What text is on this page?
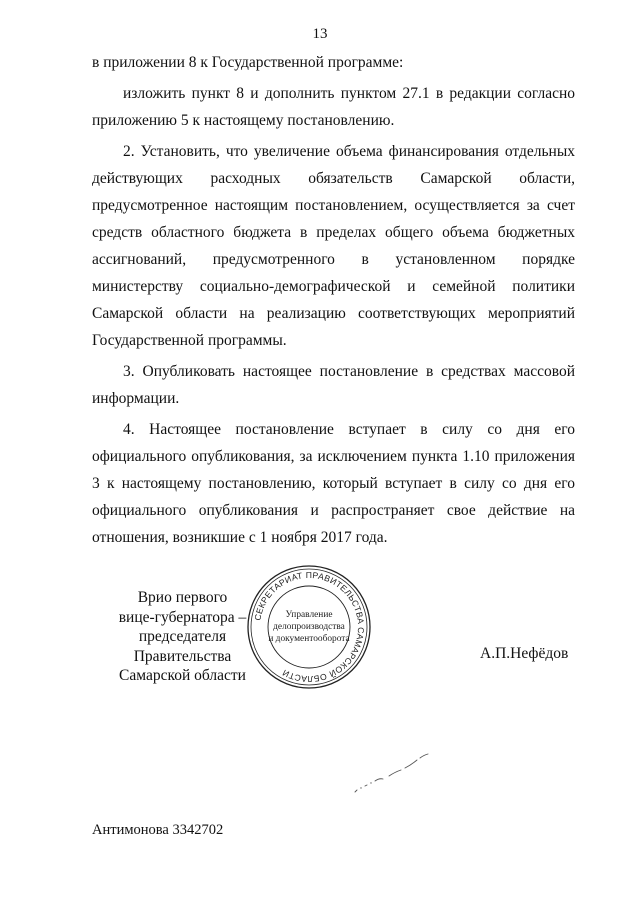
13

в приложении 8 к Государственной программе:

изложить пункт 8 и дополнить пунктом 27.1 в редакции согласно приложению 5 к настоящему постановлению.

2. Установить, что увеличение объема финансирования отдельных действующих расходных обязательств Самарской области, предусмотренное настоящим постановлением, осуществляется за счет средств областного бюджета в пределах общего объема бюджетных ассигнований, предусмотренного в установленном порядке министерству социально-демографической и семейной политики Самарской области на реализацию соответствующих мероприятий Государственной программы.

3. Опубликовать настоящее постановление в средствах массовой информации.

4. Настоящее постановление вступает в силу со дня его официального опубликования, за исключением пункта 1.10 приложения 3 к настоящему постановлению, который вступает в силу со дня его официального опубликования и распространяет свое действие на отношения, возникшие с 1 ноября 2017 года.

Врио первого
вице-губернатора –
председателя Правительства
Самарской области
СЕКРЕТАРИАТ ПРАВИТЕЛЬСТВА САМАРСКОЙ ОБЛАСТИ
Управление
делопроизводства
и документооборота
А.П.Нефёдов
Антимонова 3342702
